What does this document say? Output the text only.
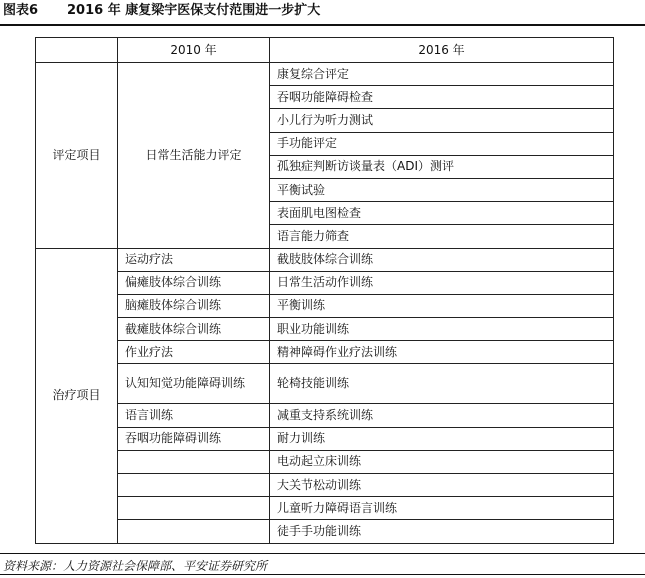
图表6 2016 年 康复梁宇医保支付范围进一步扩大
	2010 年	2016 年
评定项目	日常生活能力评定	康复综合评定
		吞咽功能障碍检查
		小儿行为听力测试
		手功能评定
		孤独症判断访谈量表（ADI）测评
		平衡试验
		表面肌电图检查
		语言能力筛查
治疗项目	运动疗法	截肢肢体综合训练
	偏瘫肢体综合训练	日常生活动作训练
	脑瘫肢体综合训练	平衡训练
	截瘫肢体综合训练	职业功能训练
	作业疗法	精神障碍作业疗法训练
	认知知觉功能障碍训练	轮椅技能训练
	语言训练	减重支持系统训练
	吞咽功能障碍训练	耐力训练
		电动起立床训练
		大关节松动训练
		儿童听力障碍语言训练
		徒手手功能训练
资料来源：人力资源社会保障部、平安证券研究所
